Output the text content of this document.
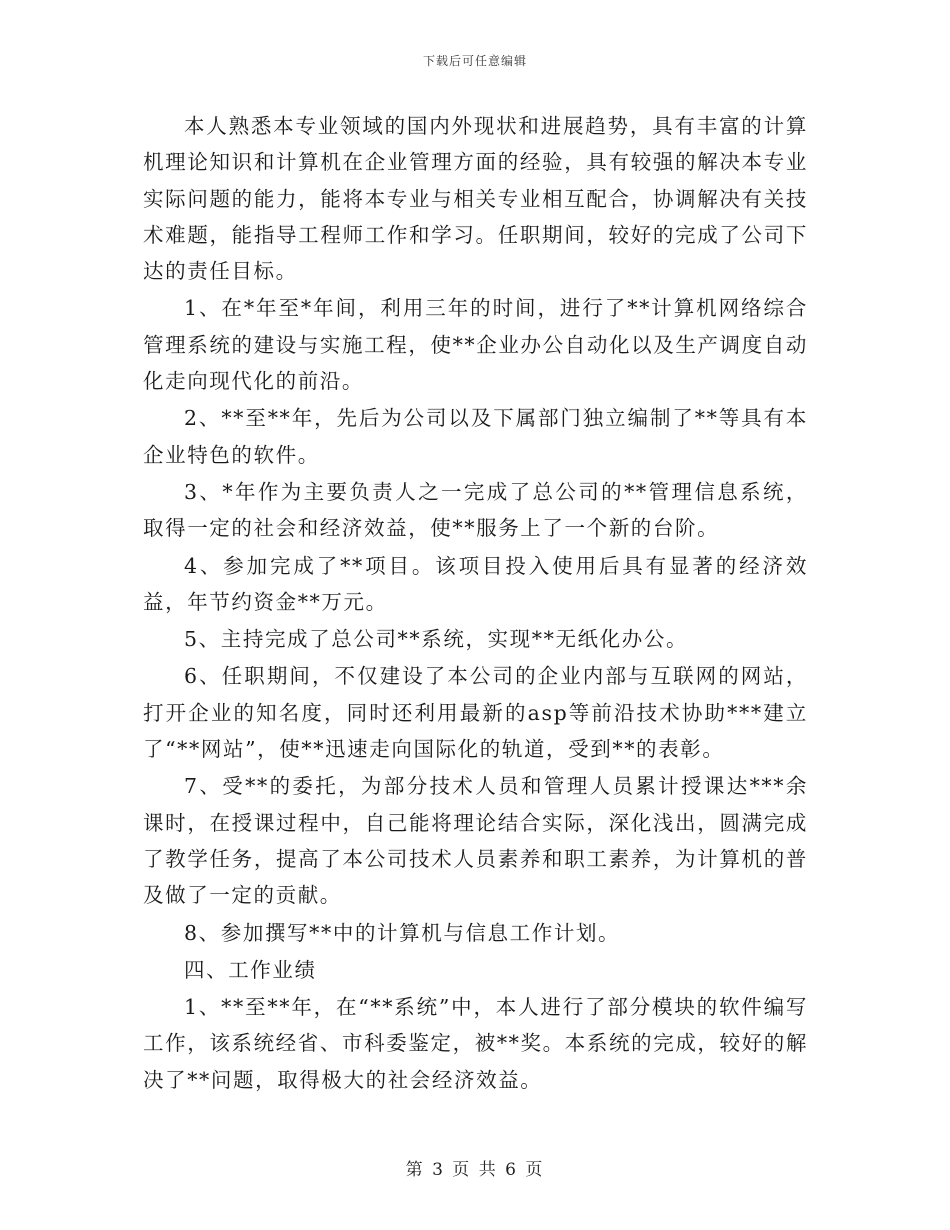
下载后可任意编辑

本人熟悉本专业领域的国内外现状和进展趋势，具有丰富的计算机理论知识和计算机在企业管理方面的经验，具有较强的解决本专业实际问题的能力，能将本专业与相关专业相互配合，协调解决有关技术难题，能指导工程师工作和学习。任职期间，较好的完成了公司下达的责任目标。

1、在*年至*年间，利用三年的时间，进行了**计算机网络综合管理系统的建设与实施工程，使**企业办公自动化以及生产调度自动化走向现代化的前沿。

2、**至**年，先后为公司以及下属部门独立编制了**等具有本企业特色的软件。

3、*年作为主要负责人之一完成了总公司的**管理信息系统，取得一定的社会和经济效益，使**服务上了一个新的台阶。

4、参加完成了**项目。该项目投入使用后具有显著的经济效益，年节约资金**万元。

5、主持完成了总公司**系统，实现**无纸化办公。

6、任职期间，不仅建设了本公司的企业内部与互联网的网站，打开企业的知名度，同时还利用最新的asp等前沿技术协助***建立了“**网站”，使**迅速走向国际化的轨道，受到**的表彰。

7、受**的委托，为部分技术人员和管理人员累计授课达***余课时，在授课过程中，自己能将理论结合实际，深化浅出，圆满完成了教学任务，提高了本公司技术人员素养和职工素养，为计算机的普及做了一定的贡献。

8、参加撰写**中的计算机与信息工作计划。

四、工作业绩

1、**至**年，在“**系统”中，本人进行了部分模块的软件编写工作，该系统经省、市科委鉴定，被**奖。本系统的完成，较好的解决了**问题，取得极大的社会经济效益。

第 3 页 共 6 页
